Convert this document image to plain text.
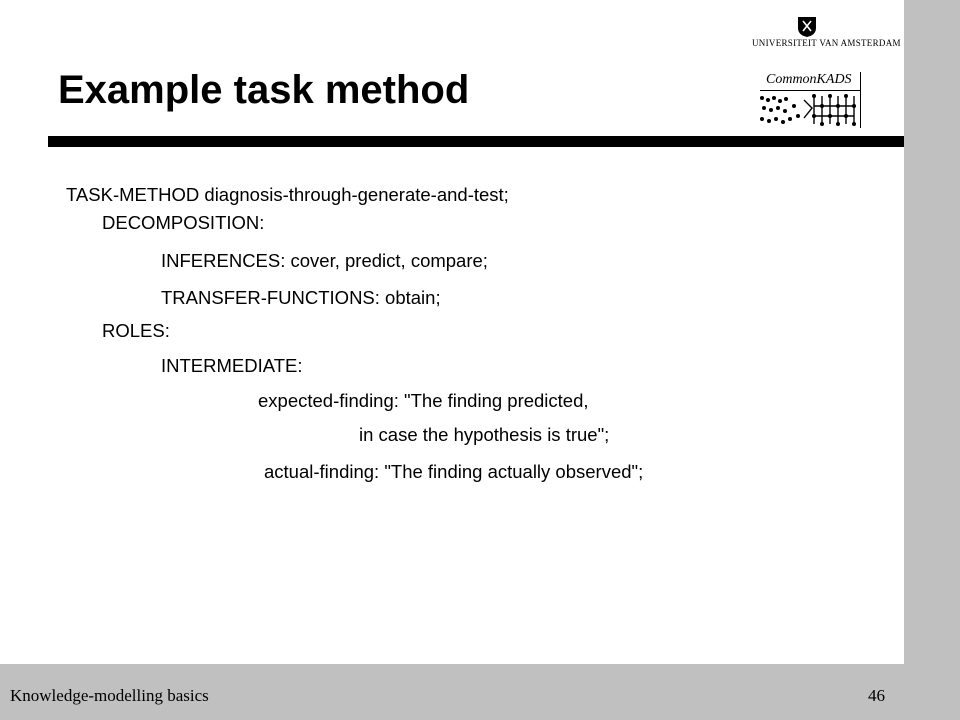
UNIVERSITEIT VAN AMSTERDAM
CommonKADS
Example task method
TASK-METHOD diagnosis-through-generate-and-test;
DECOMPOSITION:
INFERENCES: cover, predict, compare;
TRANSFER-FUNCTIONS: obtain;
ROLES:
INTERMEDIATE:
expected-finding: "The finding predicted,
in case the hypothesis is true";
actual-finding: "The finding actually observed";
Knowledge-modelling basics	46
